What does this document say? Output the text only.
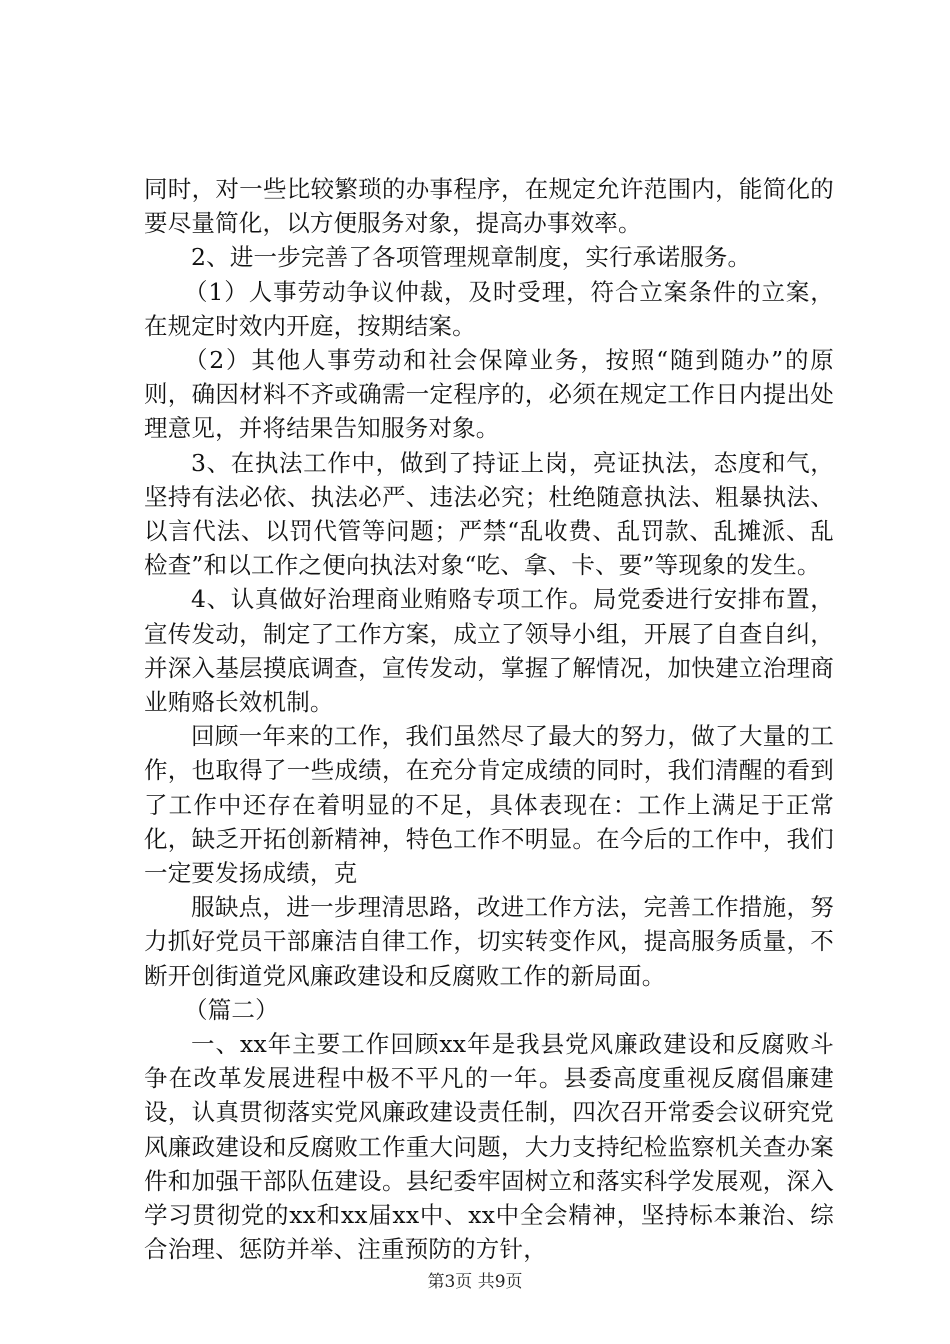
同时，对一些比较繁琐的办事程序，在规定允许范围内，能简化的要尽量简化，以方便服务对象，提高办事效率。

2、进一步完善了各项管理规章制度，实行承诺服务。

（1）人事劳动争议仲裁，及时受理，符合立案条件的立案，在规定时效内开庭，按期结案。

（2）其他人事劳动和社会保障业务，按照“随到随办”的原则，确因材料不齐或确需一定程序的，必须在规定工作日内提出处理意见，并将结果告知服务对象。

3、在执法工作中，做到了持证上岗，亮证执法，态度和气，坚持有法必依、执法必严、违法必究；杜绝随意执法、粗暴执法、以言代法、以罚代管等问题；严禁“乱收费、乱罚款、乱摊派、乱检查”和以工作之便向执法对象“吃、拿、卡、要”等现象的发生。

4、认真做好治理商业贿赂专项工作。局党委进行安排布置，宣传发动，制定了工作方案，成立了领导小组，开展了自查自纠，并深入基层摸底调查，宣传发动，掌握了解情况，加快建立治理商业贿赂长效机制。

回顾一年来的工作，我们虽然尽了最大的努力，做了大量的工作，也取得了一些成绩，在充分肯定成绩的同时，我们清醒的看到了工作中还存在着明显的不足，具体表现在：工作上满足于正常化，缺乏开拓创新精神，特色工作不明显。在今后的工作中，我们一定要发扬成绩，克

服缺点，进一步理清思路，改进工作方法，完善工作措施，努力抓好党员干部廉洁自律工作，切实转变作风，提高服务质量，不断开创街道党风廉政建设和反腐败工作的新局面。

（篇二）

一、xx年主要工作回顾xx年是我县党风廉政建设和反腐败斗争在改革发展进程中极不平凡的一年。县委高度重视反腐倡廉建设，认真贯彻落实党风廉政建设责任制，四次召开常委会议研究党风廉政建设和反腐败工作重大问题，大力支持纪检监察机关查办案件和加强干部队伍建设。县纪委牢固树立和落实科学发展观，深入学习贯彻党的xx和xx届xx中、xx中全会精神，坚持标本兼治、综合治理、惩防并举、注重预防的方针，

第3页 共9页
